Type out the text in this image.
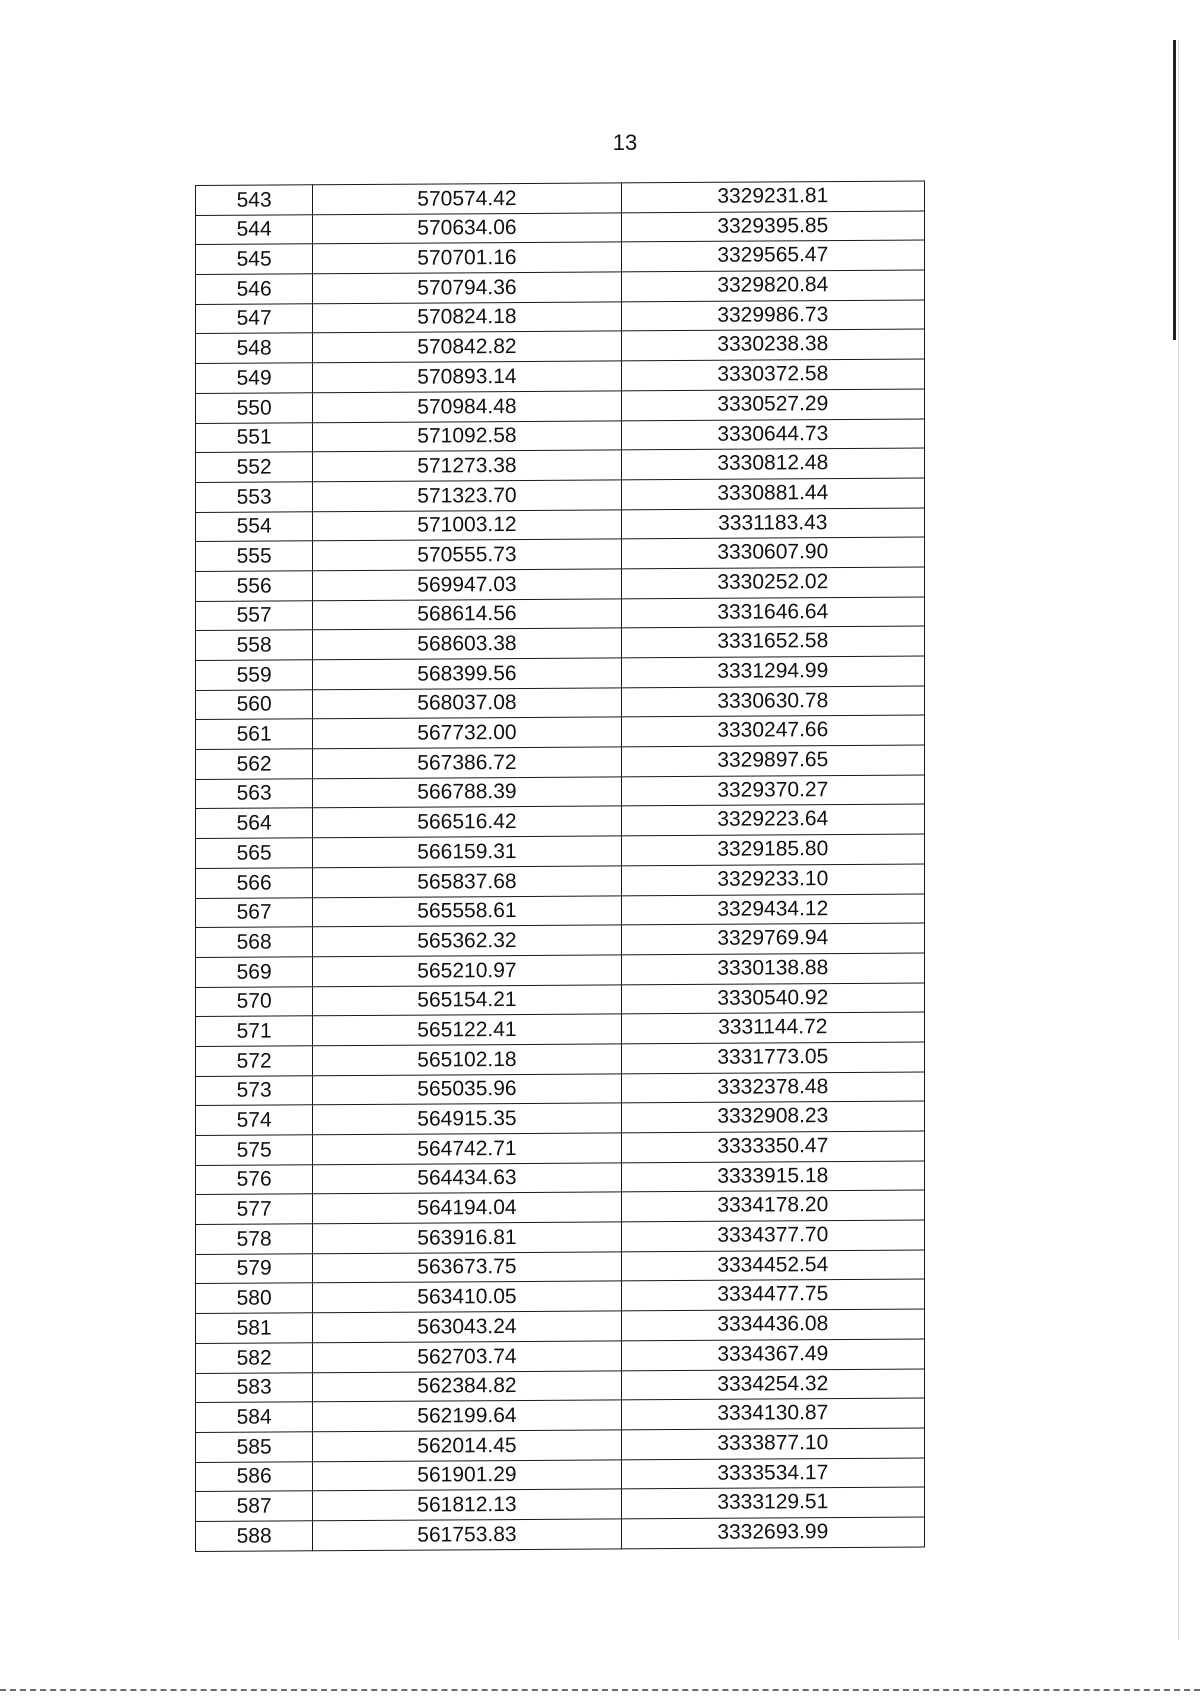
13
543	570574.42	3329231.81
544	570634.06	3329395.85
545	570701.16	3329565.47
546	570794.36	3329820.84
547	570824.18	3329986.73
548	570842.82	3330238.38
549	570893.14	3330372.58
550	570984.48	3330527.29
551	571092.58	3330644.73
552	571273.38	3330812.48
553	571323.70	3330881.44
554	571003.12	3331183.43
555	570555.73	3330607.90
556	569947.03	3330252.02
557	568614.56	3331646.64
558	568603.38	3331652.58
559	568399.56	3331294.99
560	568037.08	3330630.78
561	567732.00	3330247.66
562	567386.72	3329897.65
563	566788.39	3329370.27
564	566516.42	3329223.64
565	566159.31	3329185.80
566	565837.68	3329233.10
567	565558.61	3329434.12
568	565362.32	3329769.94
569	565210.97	3330138.88
570	565154.21	3330540.92
571	565122.41	3331144.72
572	565102.18	3331773.05
573	565035.96	3332378.48
574	564915.35	3332908.23
575	564742.71	3333350.47
576	564434.63	3333915.18
577	564194.04	3334178.20
578	563916.81	3334377.70
579	563673.75	3334452.54
580	563410.05	3334477.75
581	563043.24	3334436.08
582	562703.74	3334367.49
583	562384.82	3334254.32
584	562199.64	3334130.87
585	562014.45	3333877.10
586	561901.29	3333534.17
587	561812.13	3333129.51
588	561753.83	3332693.99
